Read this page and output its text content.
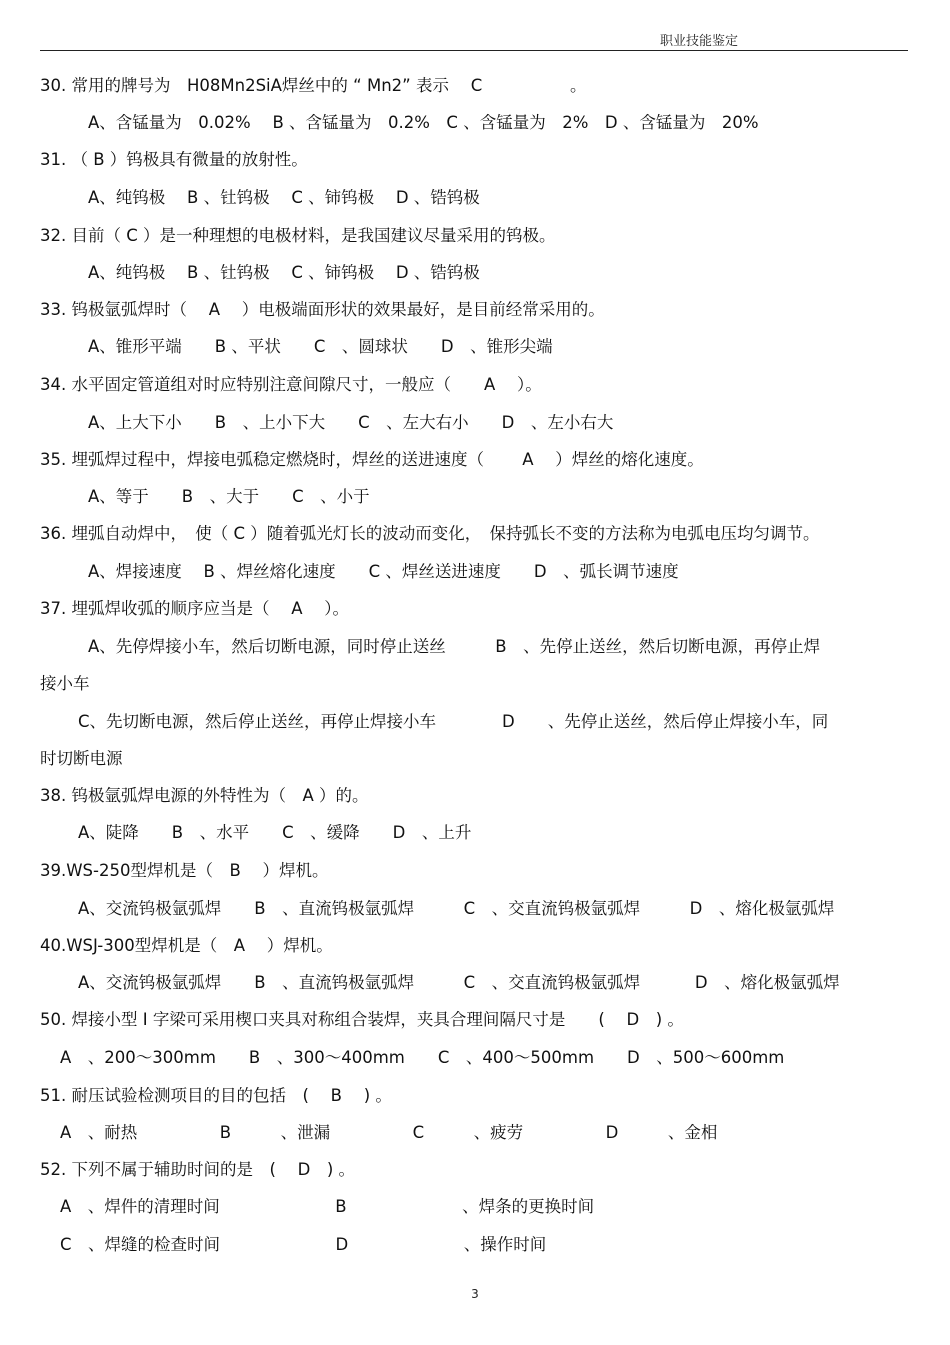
职业技能鉴定
30. 常用的牌号为　H08Mn2SiA焊丝中的 “ Mn2” 表示　 C　　　　　 。
A、含锰量为　0.02%　 B 、含锰量为　0.2%　C 、含锰量为　2%　D 、含锰量为　20%
31. （ B ）钨极具有微量的放射性。
A、纯钨极　 B 、钍钨极　 C 、铈钨极　 D 、锆钨极
32. 目前（ C ）是一种理想的电极材料，是我国建议尽量采用的钨极。
A、纯钨极　 B 、钍钨极　 C 、铈钨极　 D 、锆钨极
33. 钨极氩弧焊时（　 A　 ）电极端面形状的效果最好，是目前经常采用的。
A、锥形平端　　B 、平状　　C　、圆球状　　D　、锥形尖端
34. 水平固定管道组对时应特别注意间隙尺寸，一般应（　　A　 ）。
A、上大下小　　B　、上小下大　　C　、左大右小　　D　、左小右大
35. 埋弧焊过程中，焊接电弧稳定燃烧时，焊丝的送进速度（　　 A　 ）焊丝的熔化速度。
A、等于　　B　、大于　　C　、小于
36. 埋弧自动焊中，　使（ C ）随着弧光灯长的波动而变化，　保持弧长不变的方法称为电弧电压均匀调节。
A、焊接速度　 B 、焊丝熔化速度　　C 、焊丝送进速度　　D　、弧长调节速度
37. 埋弧焊收弧的顺序应当是（　 A　 ）。
A、先停焊接小车，然后切断电源，同时停止送丝　　　B　、先停止送丝，然后切断电源，再停止焊
接小车
C、先切断电源，然后停止送丝，再停止焊接小车　　　　D　　、先停止送丝，然后停止焊接小车，同
时切断电源
38. 钨极氩弧焊电源的外特性为（　A ）的。
A、陡降　　B　、水平　　C　、缓降　　D　、上升
39.WS-250型焊机是（　B　 ）焊机。
A、交流钨极氩弧焊　　B　、直流钨极氩弧焊　　　C　、交直流钨极氩弧焊　　　D　、熔化极氩弧焊
40.WSJ-300型焊机是（　A　 ）焊机。
A、交流钨极氩弧焊　　B　、直流钨极氩弧焊　　　C　、交直流钨极氩弧焊　　　 D　、熔化极氩弧焊
50. 焊接小型 I 字梁可采用楔口夹具对称组合装焊，夹具合理间隔尺寸是　　(　 D　) 。
A　、200～300mm　　B　、300～400mm　　C　、400～500mm　　D　、500～600mm
51. 耐压试验检测项目的目的包括　(　 B　 ) 。
A　、耐热　　　　　B　　　、泄漏　　　　　C　　　、疲劳　　　　　D　　　、金相
52. 下列不属于辅助时间的是　(　 D　) 。
A　、焊件的清理时间　　　　　　　B　　　　　　　、焊条的更换时间
C　、焊缝的检查时间　　　　　　　D　　　　　　　、操作时间
3
